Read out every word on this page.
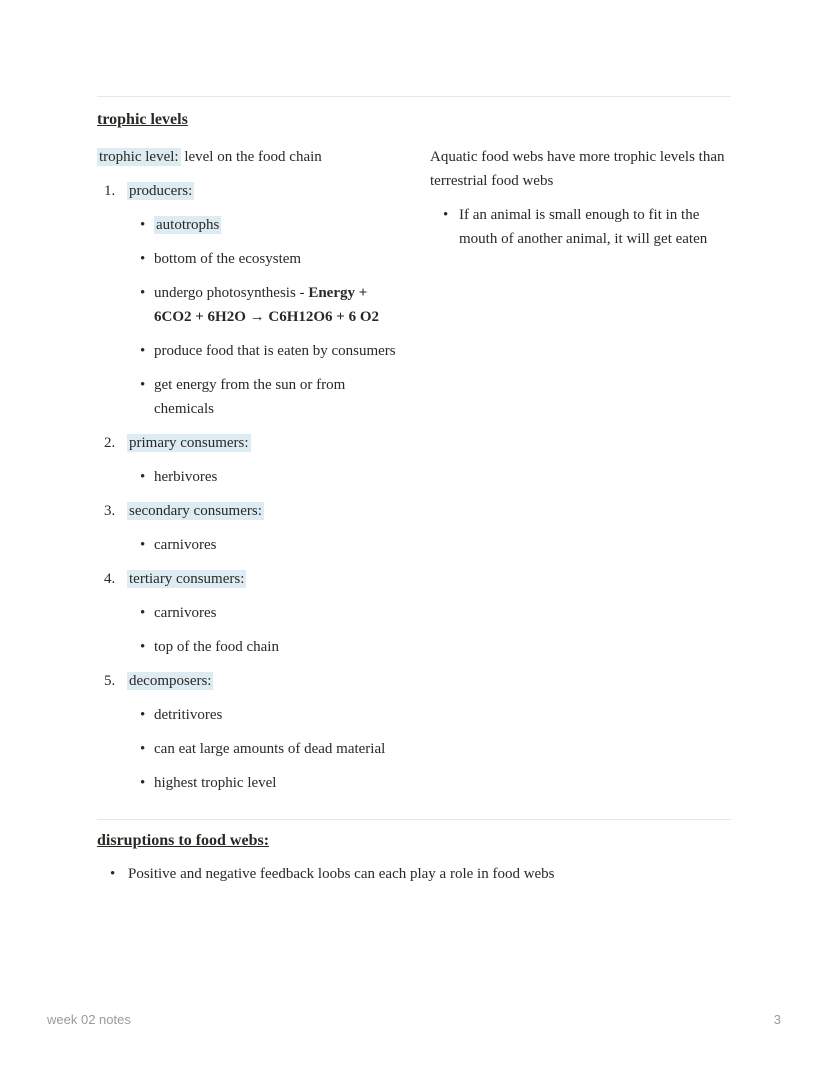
trophic levels

trophic level: level on the food chain

1. producers:
• autotrophs
• bottom of the ecosystem
• undergo photosynthesis - Energy + 6CO2 + 6H2O → C6H12O6 + 6 O2
• produce food that is eaten by consumers
• get energy from the sun or from chemicals
2. primary consumers:
• herbivores
3. secondary consumers:
• carnivores
4. tertiary consumers:
• carnivores
• top of the food chain
5. decomposers:
• detritivores
• can eat large amounts of dead material
• highest trophic level

Aquatic food webs have more trophic levels than terrestrial food webs

• If an animal is small enough to fit in the mouth of another animal, it will get eaten
disruptions to food webs:
• Positive and negative feedback loobs can each play a role in food webs
week 02 notes	3
